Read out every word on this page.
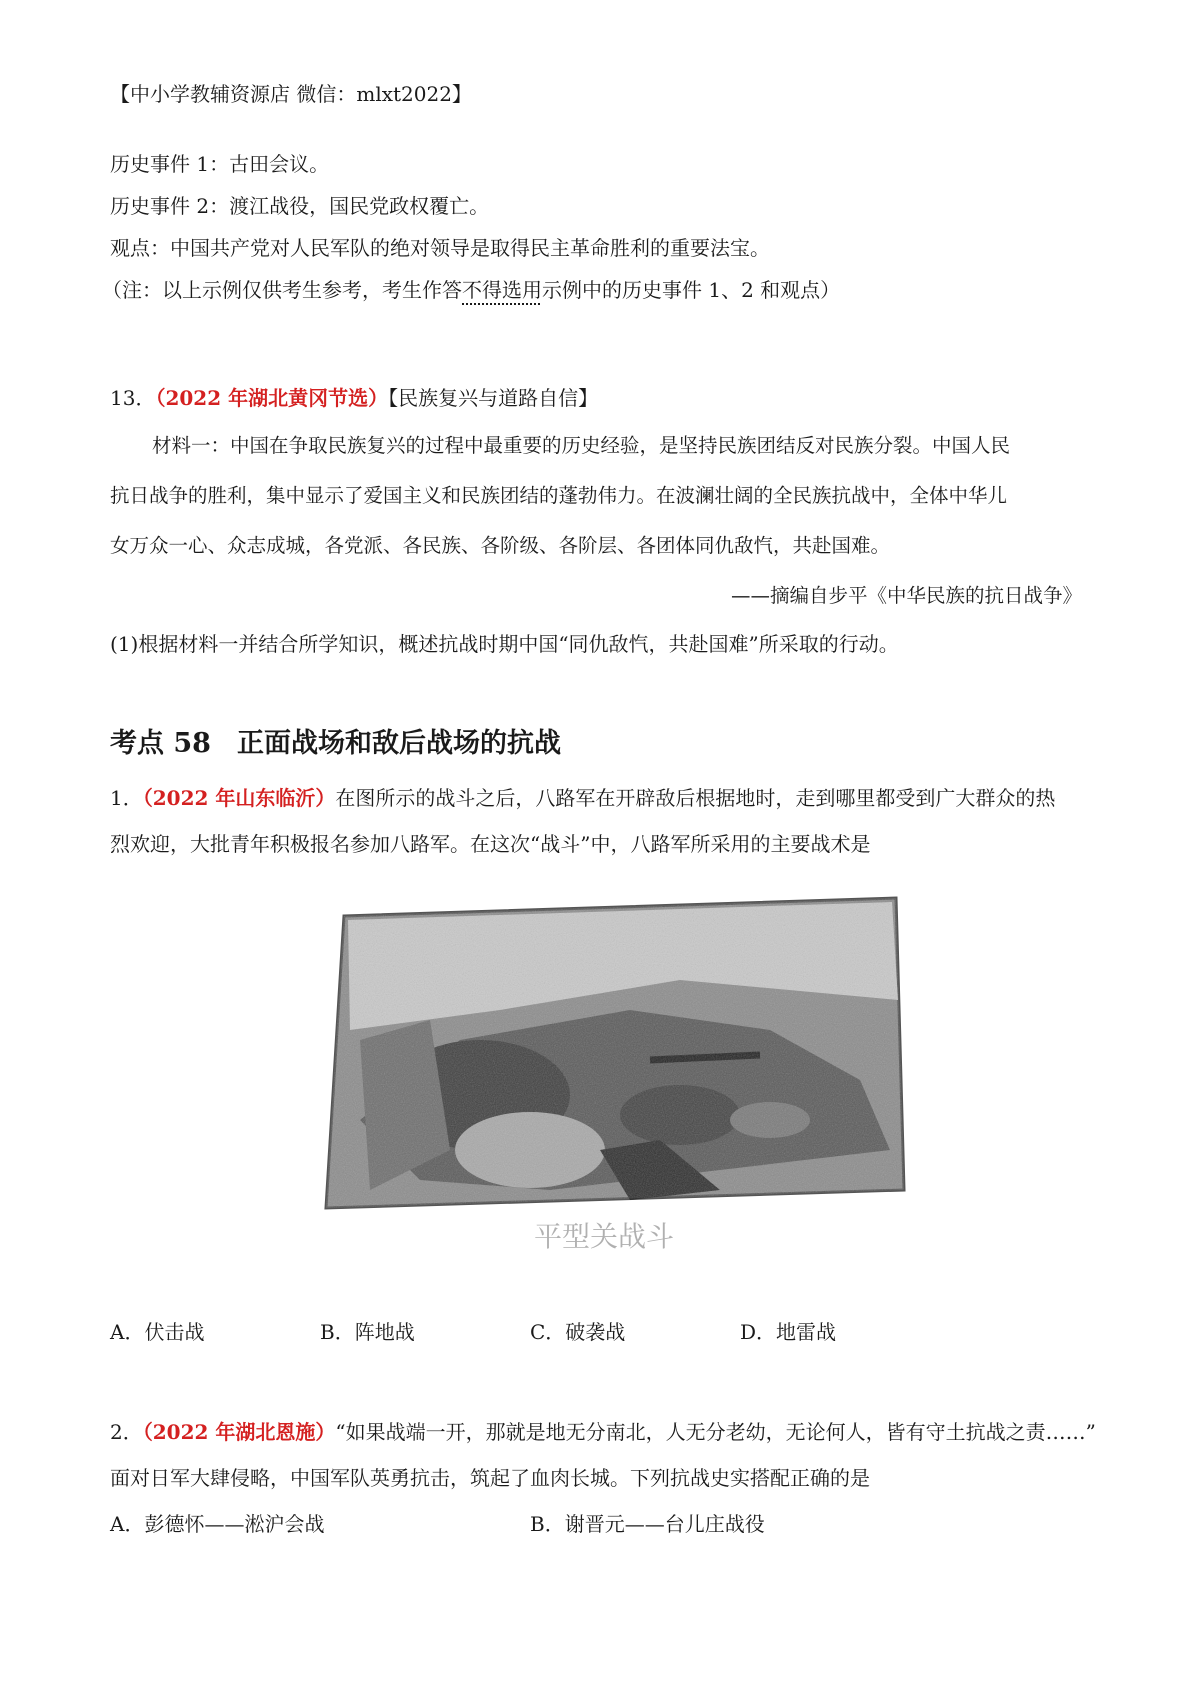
【中小学教辅资源店 微信：mlxt2022】
历史事件 1：古田会议。
历史事件 2：渡江战役，国民党政权覆亡。
观点：中国共产党对人民军队的绝对领导是取得民主革命胜利的重要法宝。
（注：以上示例仅供考生参考，考生作答不得选用示例中的历史事件 1、2 和观点）
13．（2022 年湖北黄冈节选）【民族复兴与道路自信】
材料一：中国在争取民族复兴的过程中最重要的历史经验，是坚持民族团结反对民族分裂。中国人民
抗日战争的胜利，集中显示了爱国主义和民族团结的蓬勃伟力。在波澜壮阔的全民族抗战中，全体中华儿
女万众一心、众志成城，各党派、各民族、各阶级、各阶层、各团体同仇敌忾，共赴国难。
——摘编自步平《中华民族的抗日战争》
(1)根据材料一并结合所学知识，概述抗战时期中国“同仇敌忾，共赴国难”所采取的行动。
考点 58 正面战场和敌后战场的抗战
1．（2022 年山东临沂）在图所示的战斗之后，八路军在开辟敌后根据地时，走到哪里都受到广大群众的热
烈欢迎，大批青年积极报名参加八路军。在这次“战斗”中，八路军所采用的主要战术是
平型关战斗
A．伏击战	B．阵地战	C．破袭战	D．地雷战
2．（2022 年湖北恩施）“如果战端一开，那就是地无分南北，人无分老幼，无论何人，皆有守土抗战之责……”
面对日军大肆侵略，中国军队英勇抗击，筑起了血肉长城。下列抗战史实搭配正确的是
A．彭德怀——淞沪会战	B．谢晋元——台儿庄战役
